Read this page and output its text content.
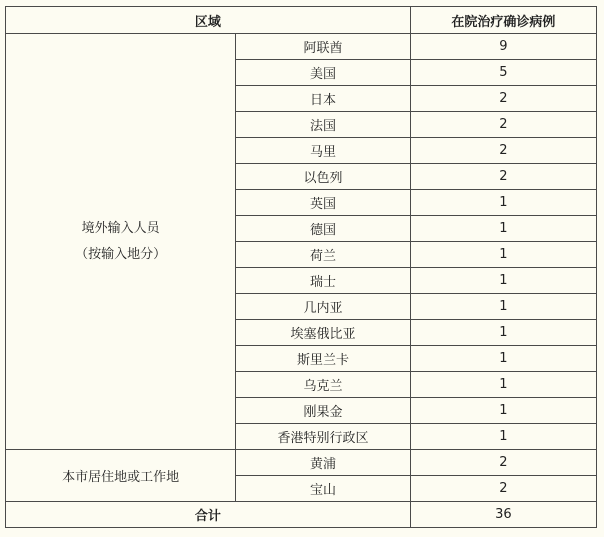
区域		在院治疗确诊病例

境外输入人员
（按输入地分）	阿联酋	9
	美国	5
	日本	2
	法国	2
	马里	2
	以色列	2
	英国	1
	德国	1
	荷兰	1
	瑞士	1
	几内亚	1
	埃塞俄比亚	1
	斯里兰卡	1
	乌克兰	1
	刚果金	1
	香港特别行政区	1
本市居住地或工作地	黄浦	2
	宝山	2
合计		36
